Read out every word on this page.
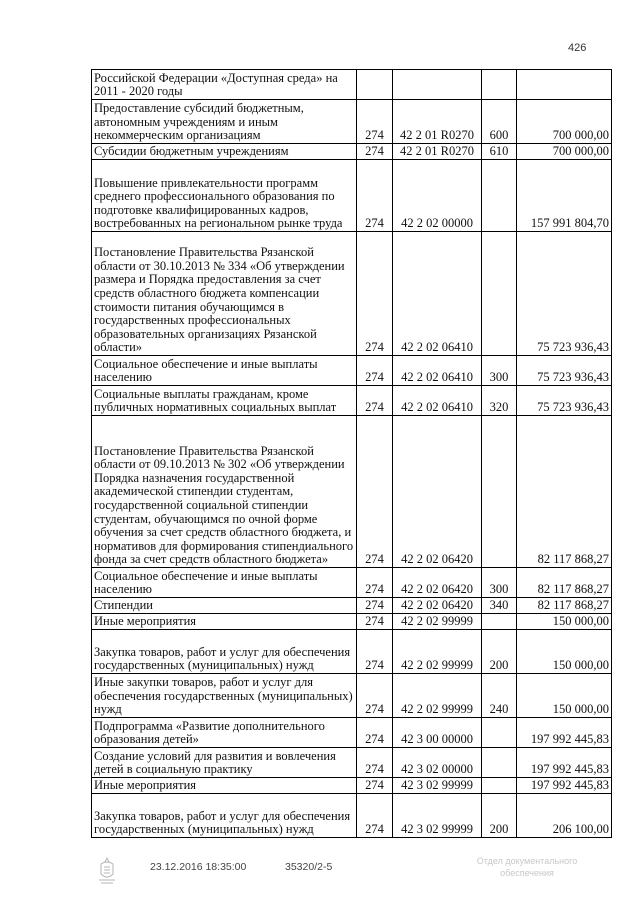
426
Российской Федерации «Доступная среда» на 2011 - 2020 годы				
Предоставление субсидий бюджетным, автономным учреждениям и иным некоммерческим организациям	274	42 2 01 R0270	600	700 000,00
Субсидии бюджетным учреждениям	274	42 2 01 R0270	610	700 000,00
Повышение привлекательности программ среднего профессионального образования по подготовке квалифицированных кадров, востребованных на региональном рынке труда	274	42 2 02 00000		157 991 804,70
Постановление Правительства Рязанской области от 30.10.2013 № 334 «Об утверждении размера и Порядка предоставления за счет средств областного бюджета компенсации стоимости питания обучающимся в государственных профессиональных образовательных организациях Рязанской области»	274	42 2 02 06410		75 723 936,43
Социальное обеспечение и иные выплаты населению	274	42 2 02 06410	300	75 723 936,43
Социальные выплаты гражданам, кроме публичных нормативных социальных выплат	274	42 2 02 06410	320	75 723 936,43
Постановление Правительства Рязанской области от 09.10.2013 № 302 «Об утверждении Порядка назначения государственной академической стипендии студентам, государственной социальной стипендии студентам, обучающимся по очной форме обучения за счет средств областного бюджета, и нормативов для формирования стипендиального фонда за счет средств областного бюджета»	274	42 2 02 06420		82 117 868,27
Социальное обеспечение и иные выплаты населению	274	42 2 02 06420	300	82 117 868,27
Стипендии	274	42 2 02 06420	340	82 117 868,27
Иные мероприятия	274	42 2 02 99999		150 000,00
Закупка товаров, работ и услуг для обеспечения государственных (муниципальных) нужд	274	42 2 02 99999	200	150 000,00
Иные закупки товаров, работ и услуг для обеспечения государственных (муниципальных) нужд	274	42 2 02 99999	240	150 000,00
Подпрограмма «Развитие дополнительного образования детей»	274	42 3 00 00000		197 992 445,83
Создание условий для развития и вовлечения детей в социальную практику	274	42 3 02 00000		197 992 445,83
Иные мероприятия	274	42 3 02 99999		197 992 445,83
Закупка товаров, работ и услуг для обеспечения государственных (муниципальных) нужд	274	42 3 02 99999	200	206 100,00
23.12.2016 18:35:00	35320/2-5	Отдел документального
обеспечения
